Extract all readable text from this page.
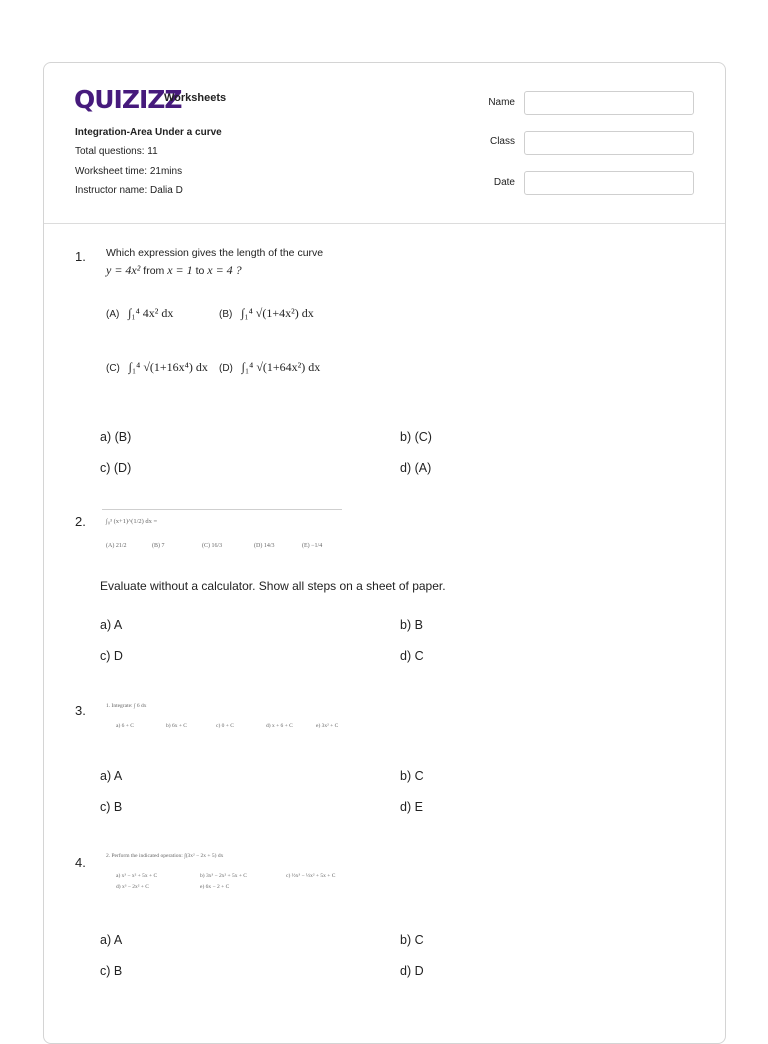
QUIZIZZ
Worksheets
Integration-Area Under a curve
Total questions: 11
Worksheet time: 21mins
Instructor name: Dalia D
Name
Class
Date
1. Which expression gives the length of the curve
y = 4x² from x = 1 to x = 4 ?
(A) ∫₁⁴ 4x² dx	(B) ∫₁⁴ √(1+4x²) dx
(C) ∫₁⁴ √(1+16x⁴) dx (D) ∫₁⁴ √(1+64x²) dx
a) (B)	b) (C)
c) (D)	d) (A)
2.	∫₀³ (x+1)^(1/2) dx =
(A) 21/2	(B) 7	(C) 16/3	(D) 14/3	(E) −1/4
Evaluate without a calculator. Show all steps on a sheet of paper.
a) A	b) B
c) D	d) C
3.	1. Integrate: ∫ 6 dx
a) 6 + C	b) 6x + C	c) 0 + C	d) x + 6 + C	e) 3x² + C
a) A	b) C
c) B	d) E
4.	2. Perform the indicated operation: ∫(3x² − 2x + 5) dx
a) x³ − x² + 5x + C	b) 3x³ − 2x² + 5x + C	c) ½x³ − ½x² + 5x + C
d) x³ − 2x² + C	e) 6x − 2 + C
a) A	b) C
c) B	d) D
